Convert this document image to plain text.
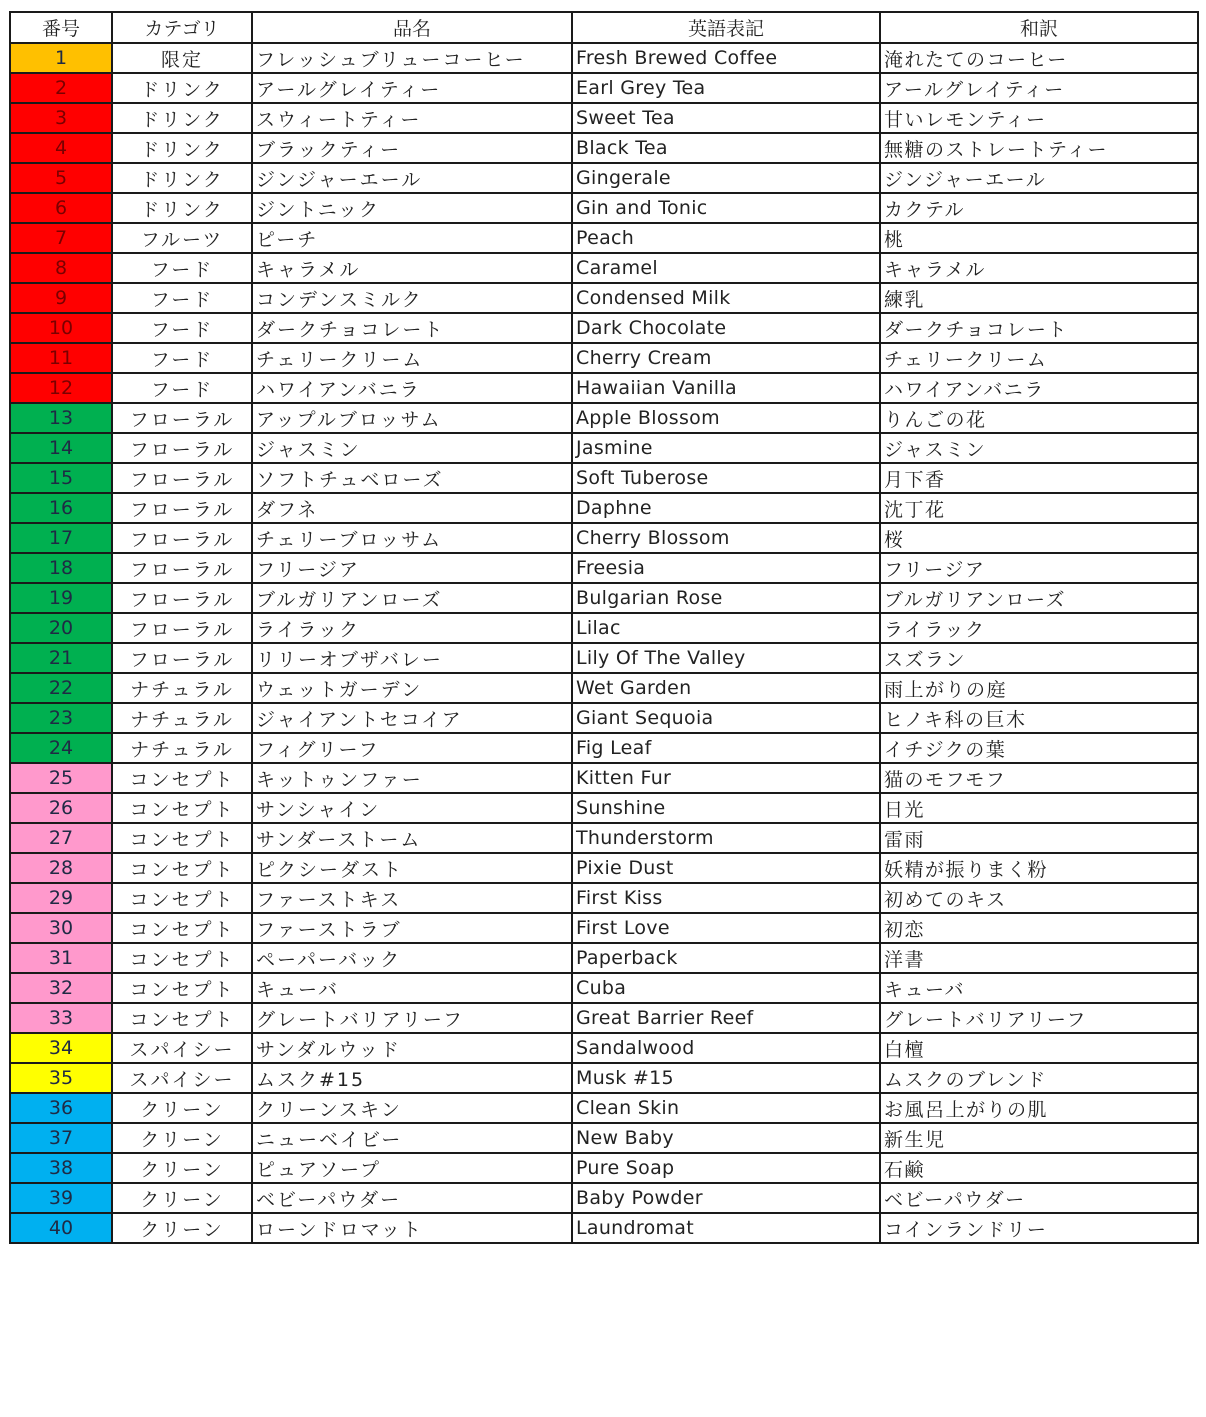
番号	カテゴリ	品名	英語表記	和訳
1	限定	フレッシュブリューコーヒー	Fresh Brewed Coffee	淹れたてのコーヒー
2	ドリンク	アールグレイティー	Earl Grey Tea	アールグレイティー
3	ドリンク	スウィートティー	Sweet Tea	甘いレモンティー
4	ドリンク	ブラックティー	Black Tea	無糖のストレートティー
5	ドリンク	ジンジャーエール	Gingerale	ジンジャーエール
6	ドリンク	ジントニック	Gin and Tonic	カクテル
7	フルーツ	ピーチ	Peach	桃
8	フード	キャラメル	Caramel	キャラメル
9	フード	コンデンスミルク	Condensed Milk	練乳
10	フード	ダークチョコレート	Dark Chocolate	ダークチョコレート
11	フード	チェリークリーム	Cherry Cream	チェリークリーム
12	フード	ハワイアンバニラ	Hawaiian Vanilla	ハワイアンバニラ
13	フローラル	アップルブロッサム	Apple Blossom	りんごの花
14	フローラル	ジャスミン	Jasmine	ジャスミン
15	フローラル	ソフトチュベローズ	Soft Tuberose	月下香
16	フローラル	ダフネ	Daphne	沈丁花
17	フローラル	チェリーブロッサム	Cherry Blossom	桜
18	フローラル	フリージア	Freesia	フリージア
19	フローラル	ブルガリアンローズ	Bulgarian Rose	ブルガリアンローズ
20	フローラル	ライラック	Lilac	ライラック
21	フローラル	リリーオブザバレー	Lily Of The Valley	スズラン
22	ナチュラル	ウェットガーデン	Wet Garden	雨上がりの庭
23	ナチュラル	ジャイアントセコイア	Giant Sequoia	ヒノキ科の巨木
24	ナチュラル	フィグリーフ	Fig Leaf	イチジクの葉
25	コンセプト	キットゥンファー	Kitten Fur	猫のモフモフ
26	コンセプト	サンシャイン	Sunshine	日光
27	コンセプト	サンダーストーム	Thunderstorm	雷雨
28	コンセプト	ピクシーダスト	Pixie Dust	妖精が振りまく粉
29	コンセプト	ファーストキス	First Kiss	初めてのキス
30	コンセプト	ファーストラブ	First Love	初恋
31	コンセプト	ペーパーバック	Paperback	洋書
32	コンセプト	キューバ	Cuba	キューバ
33	コンセプト	グレートバリアリーフ	Great Barrier Reef	グレートバリアリーフ
34	スパイシー	サンダルウッド	Sandalwood	白檀
35	スパイシー	ムスク#15	Musk #15	ムスクのブレンド
36	クリーン	クリーンスキン	Clean Skin	お風呂上がりの肌
37	クリーン	ニューベイビー	New Baby	新生児
38	クリーン	ピュアソープ	Pure Soap	石鹸
39	クリーン	ベビーパウダー	Baby Powder	ベビーパウダー
40	クリーン	ローンドロマット	Laundromat	コインランドリー
